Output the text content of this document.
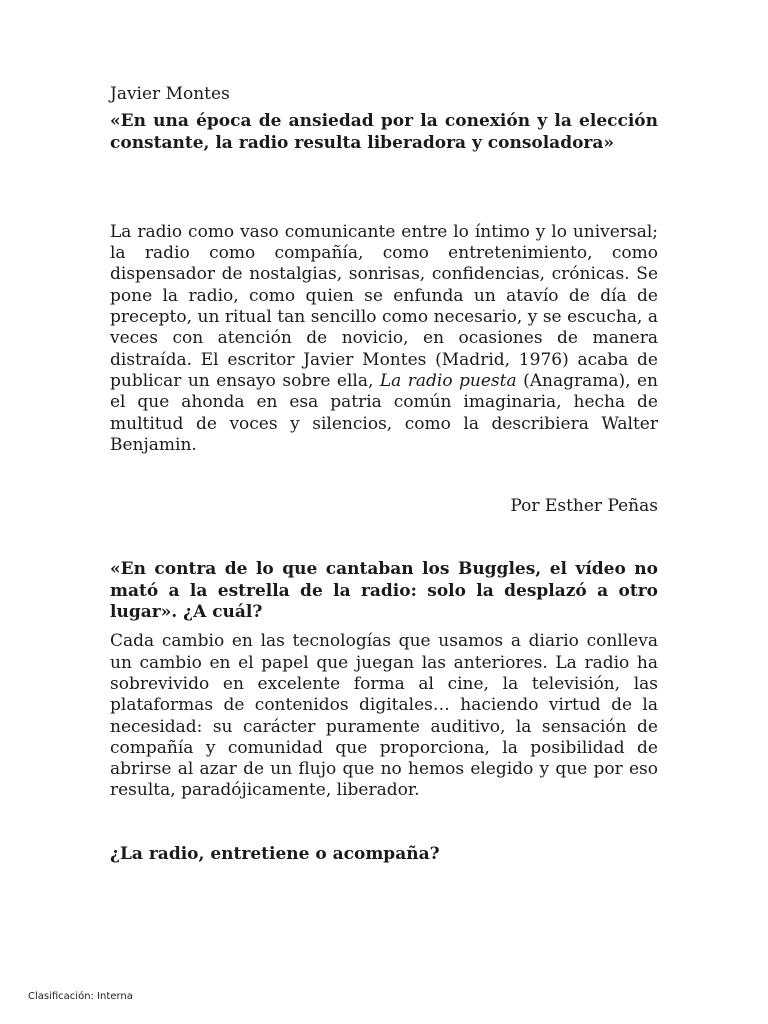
Javier Montes

«En una época de ansiedad por la conexión y la elección constante, la radio resulta liberadora y consoladora»

La radio como vaso comunicante entre lo íntimo y lo universal; la radio como compañía, como entretenimiento, como dispensador de nostalgias, sonrisas, confidencias, crónicas. Se pone la radio, como quien se enfunda un atavío de día de precepto, un ritual tan sencillo como necesario, y se escucha, a veces con atención de novicio, en ocasiones de manera distraída. El escritor Javier Montes (Madrid, 1976) acaba de publicar un ensayo sobre ella, La radio puesta (Anagrama), en el que ahonda en esa patria común imaginaria, hecha de multitud de voces y silencios, como la describiera Walter Benjamin.

Por Esther Peñas

«En contra de lo que cantaban los Buggles, el vídeo no mató a la estrella de la radio: solo la desplazó a otro lugar». ¿A cuál?

Cada cambio en las tecnologías que usamos a diario conlleva un cambio en el papel que juegan las anteriores. La radio ha sobrevivido en excelente forma al cine, la televisión, las plataformas de contenidos digitales… haciendo virtud de la necesidad: su carácter puramente auditivo, la sensación de compañía y comunidad que proporciona, la posibilidad de abrirse al azar de un flujo que no hemos elegido y que por eso resulta, paradójicamente, liberador.

¿La radio, entretiene o acompaña?

Clasificación: Interna
